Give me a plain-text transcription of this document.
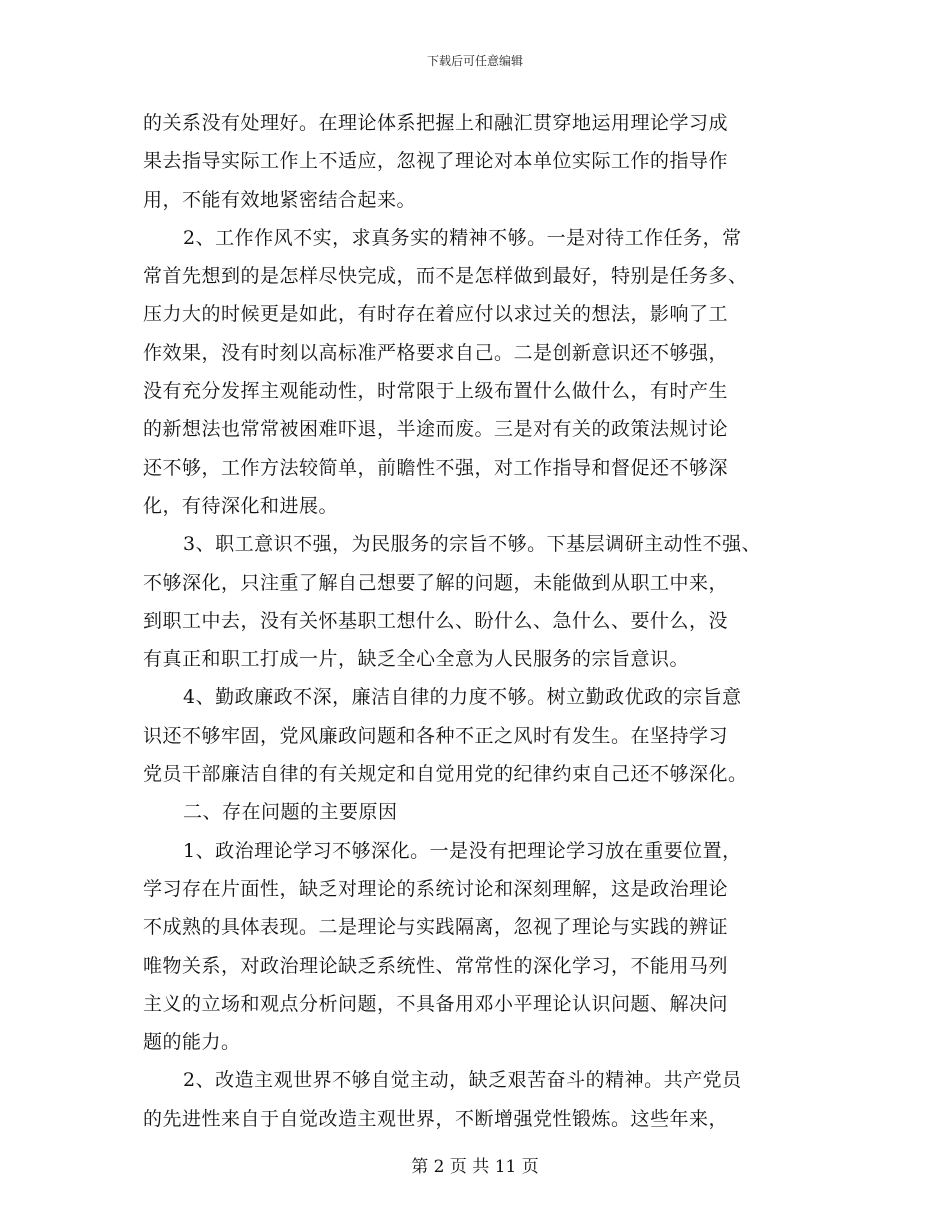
下载后可任意编辑
的关系没有处理好。在理论体系把握上和融汇贯穿地运用理论学习成
果去指导实际工作上不适应，忽视了理论对本单位实际工作的指导作
用，不能有效地紧密结合起来。
2、工作作风不实，求真务实的精神不够。一是对待工作任务，常
常首先想到的是怎样尽快完成，而不是怎样做到最好，特别是任务多、
压力大的时候更是如此，有时存在着应付以求过关的想法，影响了工
作效果，没有时刻以高标准严格要求自己。二是创新意识还不够强，
没有充分发挥主观能动性，时常限于上级布置什么做什么，有时产生
的新想法也常常被困难吓退，半途而废。三是对有关的政策法规讨论
还不够，工作方法较简单，前瞻性不强，对工作指导和督促还不够深
化，有待深化和进展。
3、职工意识不强，为民服务的宗旨不够。下基层调研主动性不强、
不够深化，只注重了解自己想要了解的问题，未能做到从职工中来，
到职工中去，没有关怀基职工想什么、盼什么、急什么、要什么，没
有真正和职工打成一片，缺乏全心全意为人民服务的宗旨意识。
4、勤政廉政不深，廉洁自律的力度不够。树立勤政优政的宗旨意
识还不够牢固，党风廉政问题和各种不正之风时有发生。在坚持学习
党员干部廉洁自律的有关规定和自觉用党的纪律约束自己还不够深化。
二、存在问题的主要原因
1、政治理论学习不够深化。一是没有把理论学习放在重要位置，
学习存在片面性，缺乏对理论的系统讨论和深刻理解，这是政治理论
不成熟的具体表现。二是理论与实践隔离，忽视了理论与实践的辨证
唯物关系，对政治理论缺乏系统性、常常性的深化学习，不能用马列
主义的立场和观点分析问题，不具备用邓小平理论认识问题、解决问
题的能力。
2、改造主观世界不够自觉主动，缺乏艰苦奋斗的精神。共产党员
的先进性来自于自觉改造主观世界，不断增强党性锻炼。这些年来，
第 2 页 共 11 页
